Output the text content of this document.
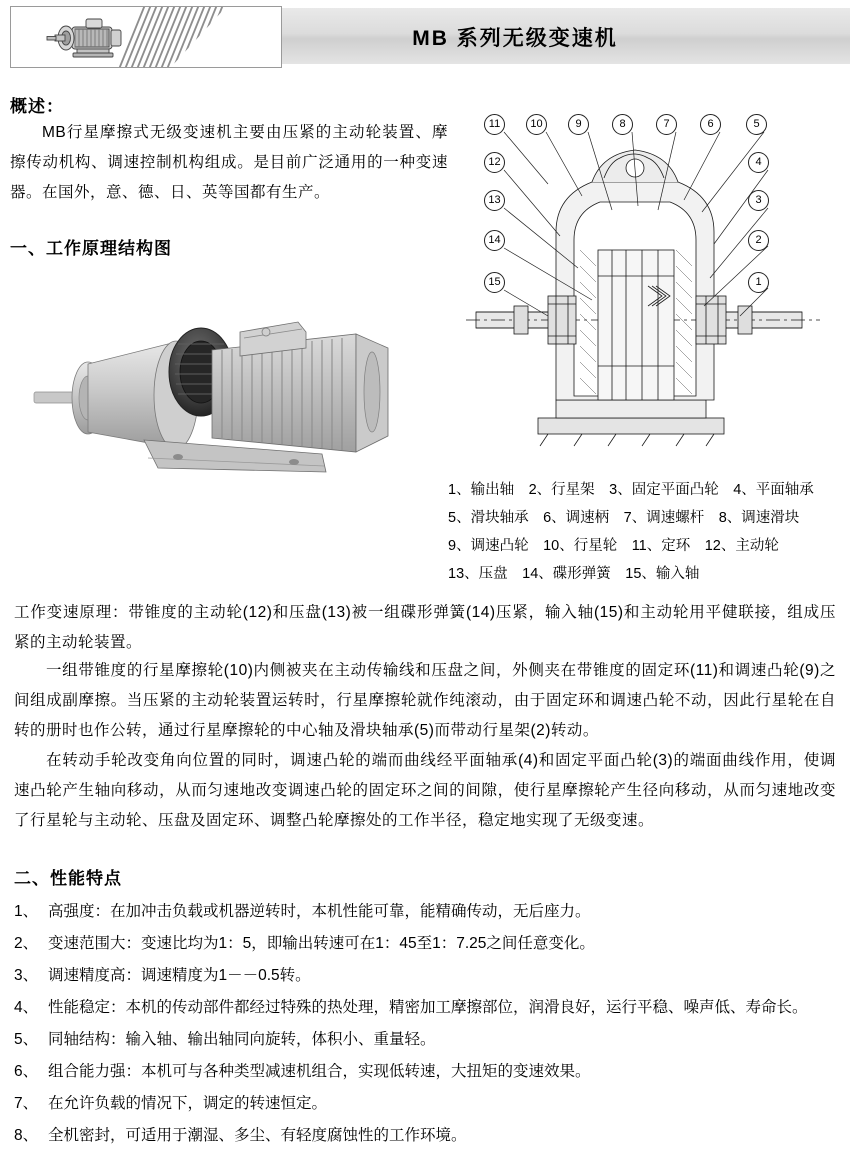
MB 系列无级变速机
概述：
MB行星摩擦式无级变速机主要由压紧的主动轮装置、摩擦传动机构、调速控制机构组成。是目前广泛通用的一种变速器。在国外，意、德、日、英等国都有生产。
一、工作原理结构图
11	10	9	8	7	6	5
12	4
13	3
14	2
15	1
1、输出轴　2、行星架　3、固定平面凸轮　4、平面轴承
5、滑块轴承　6、调速柄　7、调速螺杆　8、调速滑块
9、调速凸轮　10、行星轮　11、定环　12、主动轮
13、压盘　14、碟形弹簧　15、输入轴
工作变速原理：带锥度的主动轮(12)和压盘(13)被一组碟形弹簧(14)压紧，输入轴(15)和主动轮用平健联接，组成压紧的主动轮装置。
一组带锥度的行星摩擦轮(10)内侧被夹在主动传输线和压盘之间，外侧夹在带锥度的固定环(11)和调速凸轮(9)之间组成副摩擦。当压紧的主动轮装置运转时，行星摩擦轮就作纯滚动，由于固定环和调速凸轮不动，因此行星轮在自转的册时也作公转，通过行星摩擦轮的中心轴及滑块轴承(5)而带动行星架(2)转动。
在转动手轮改变角向位置的同时，调速凸轮的端而曲线经平面轴承(4)和固定平面凸轮(3)的端面曲线作用，使调速凸轮产生轴向移动，从而匀速地改变调速凸轮的固定环之间的间隙，使行星摩擦轮产生径向移动，从而匀速地改变了行星轮与主动轮、压盘及固定环、调整凸轮摩擦处的工作半径，稳定地实现了无级变速。
二、性能特点
1、 高强度：在加冲击负载或机器逆转时，本机性能可靠，能精确传动，无后座力。
2、 变速范围大：变速比均为1：5，即输出转速可在1：45至1：7.25之间任意变化。
3、 调速精度高：调速精度为1－－0.5转。
4、 性能稳定：本机的传动部件都经过特殊的热处理，精密加工摩擦部位，润滑良好，运行平稳、噪声低、寿命长。
5、 同轴结构：输入轴、输出轴同向旋转，体积小、重量轻。
6、 组合能力强：本机可与各种类型减速机组合，实现低转速，大扭矩的变速效果。
7、 在允许负载的情况下，调定的转速恒定。
8、 全机密封，可适用于潮湿、多尘、有轻度腐蚀性的工作环境。
